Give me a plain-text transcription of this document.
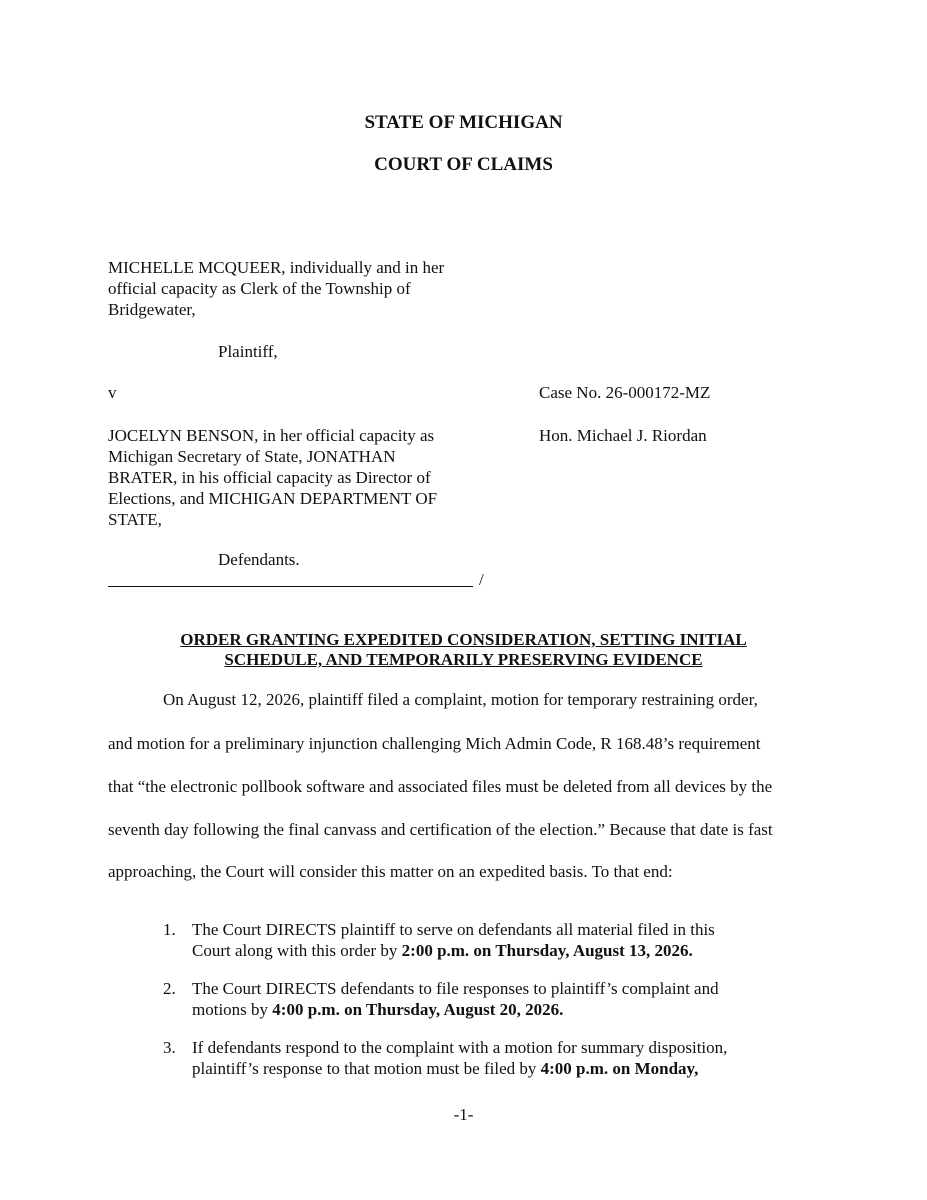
STATE OF MICHIGAN
COURT OF CLAIMS
MICHELLE MCQUEER, individually and in her
official capacity as Clerk of the Township of
Bridgewater,
Plaintiff,
v	Case No. 26-000172-MZ
JOCELYN BENSON, in her official capacity as	Hon. Michael J. Riordan
Michigan Secretary of State, JONATHAN
BRATER, in his official capacity as Director of
Elections, and MICHIGAN DEPARTMENT OF
STATE,
Defendants.
/
ORDER GRANTING EXPEDITED CONSIDERATION, SETTING INITIAL
SCHEDULE, AND TEMPORARILY PRESERVING EVIDENCE
On August 12, 2026, plaintiff filed a complaint, motion for temporary restraining order,
and motion for a preliminary injunction challenging Mich Admin Code, R 168.48’s requirement
that “the electronic pollbook software and associated files must be deleted from all devices by the
seventh day following the final canvass and certification of the election.” Because that date is fast
approaching, the Court will consider this matter on an expedited basis. To that end:
1. The Court DIRECTS plaintiff to serve on defendants all material filed in this
Court along with this order by 2:00 p.m. on Thursday, August 13, 2026.
2. The Court DIRECTS defendants to file responses to plaintiff’s complaint and
motions by 4:00 p.m. on Thursday, August 20, 2026.
3. If defendants respond to the complaint with a motion for summary disposition,
plaintiff’s response to that motion must be filed by 4:00 p.m. on Monday,
-1-
